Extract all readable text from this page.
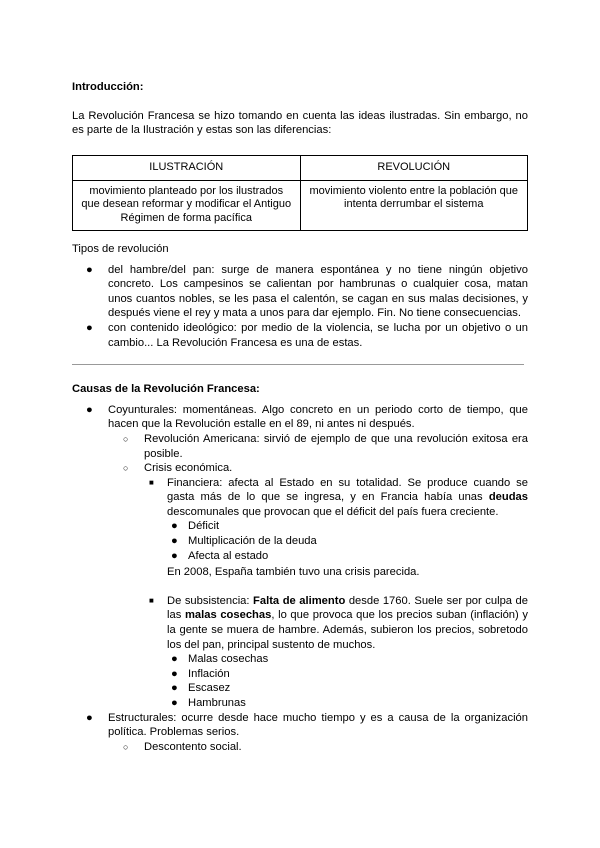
Introducción:

La Revolución Francesa se hizo tomando en cuenta las ideas ilustradas. Sin embargo, no es parte de la Ilustración y estas son las diferencias:

ILUSTRACIÓN	REVOLUCIÓN
movimiento planteado por los ilustrados que desean reformar y modificar el Antiguo Régimen de forma pacífica	movimiento violento entre la población que intenta derrumbar el sistema

Tipos de revolución

● del hambre/del pan: surge de manera espontánea y no tiene ningún objetivo concreto. Los campesinos se calientan por hambrunas o cualquier cosa, matan unos cuantos nobles, se les pasa el calentón, se cagan en sus malas decisiones, y después viene el rey y mata a unos para dar ejemplo. Fin. No tiene consecuencias.
● con contenido ideológico: por medio de la violencia, se lucha por un objetivo o un cambio... La Revolución Francesa es una de estas.
Causas de la Revolución Francesa:
● Coyunturales: momentáneas. Algo concreto en un periodo corto de tiempo, que hacen que la Revolución estalle en el 89, ni antes ni después.
○ Revolución Americana: sirvió de ejemplo de que una revolución exitosa era posible.
○ Crisis económica.
■ Financiera: afecta al Estado en su totalidad. Se produce cuando se gasta más de lo que se ingresa, y en Francia había unas deudas descomunales que provocan que el déficit del país fuera creciente.
● Déficit
● Multiplicación de la deuda
● Afecta al estado
En 2008, España también tuvo una crisis parecida.
■ De subsistencia: Falta de alimento desde 1760. Suele ser por culpa de las malas cosechas, lo que provoca que los precios suban (inflación) y la gente se muera de hambre. Además, subieron los precios, sobretodo los del pan, principal sustento de muchos.
● Malas cosechas
● Inflación
● Escasez
● Hambrunas
● Estructurales: ocurre desde hace mucho tiempo y es a causa de la organización política. Problemas serios.
○ Descontento social.
